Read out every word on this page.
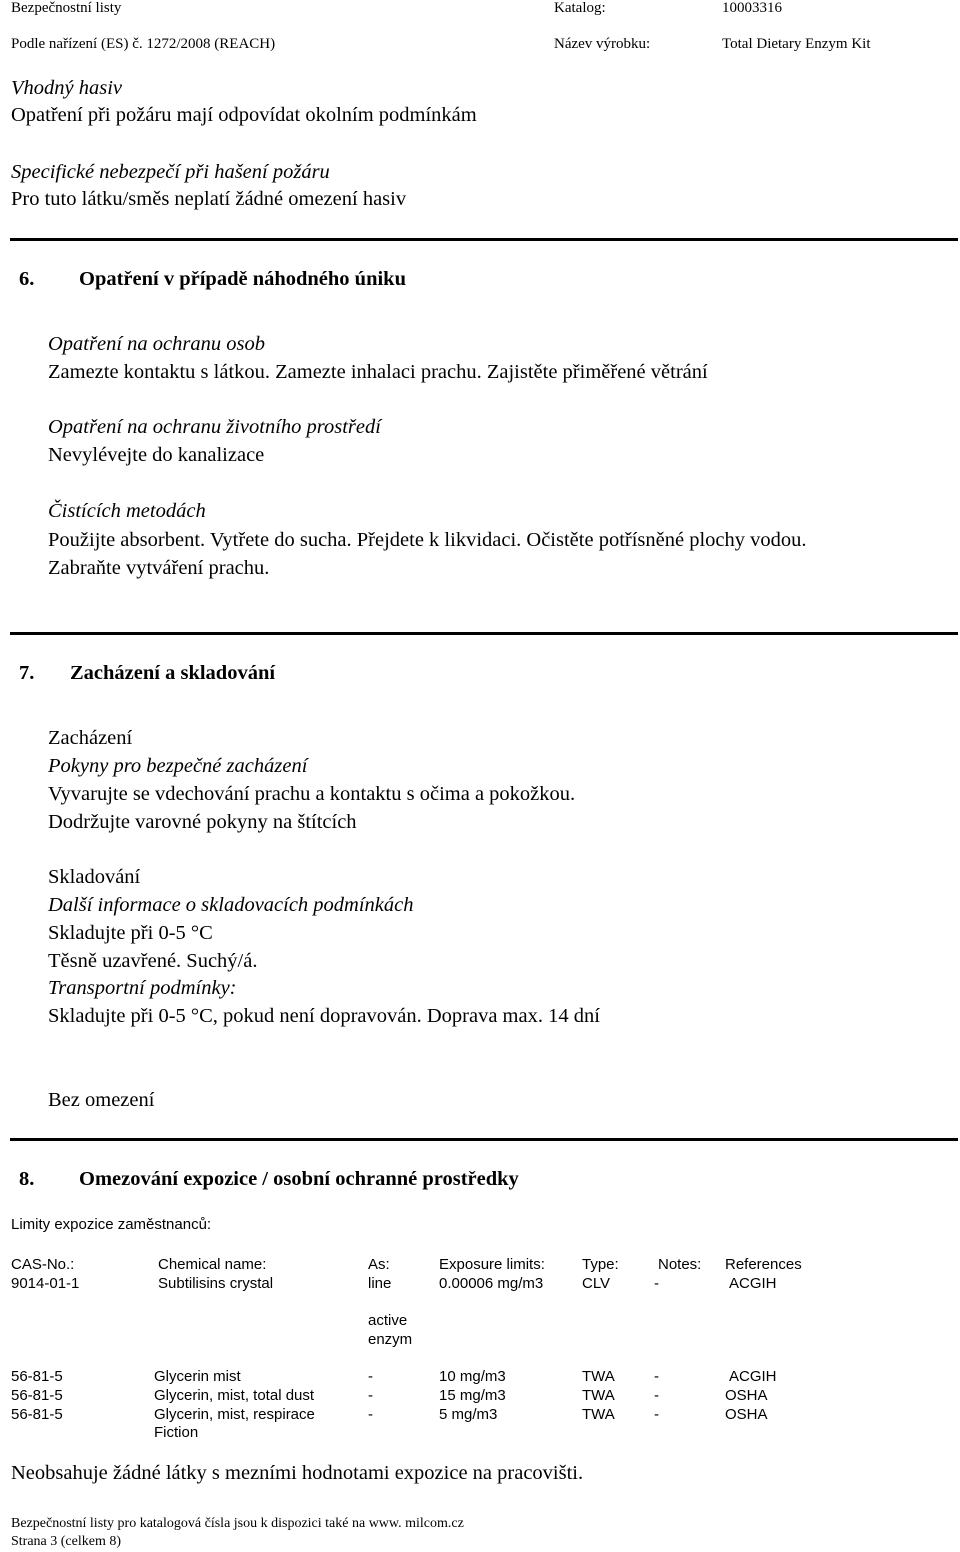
Bezpečnostní listy	Katalog:	10003316
Podle nařízení (ES) č. 1272/2008 (REACH)	Název výrobku:	Total Dietary Enzym Kit
Vhodný hasiv
Opatření při požáru mají odpovídat okolním podmínkám
Specifické nebezpečí při hašení požáru
Pro tuto látku/směs neplatí žádné omezení hasiv
6. Opatření v případě náhodného úniku
Opatření na ochranu osob
Zamezte kontaktu s látkou. Zamezte inhalaci prachu. Zajistěte přiměřené větrání
Opatření na ochranu životního prostředí
Nevylévejte do kanalizace
Čistících metodách
Použijte absorbent. Vytřete do sucha. Přejdete k likvidaci. Očistěte potřísněné plochy vodou.
Zabraňte vytváření prachu.
7. Zacházení a skladování
Zacházení
Pokyny pro bezpečné zacházení
Vyvarujte se vdechování prachu a kontaktu s očima a pokožkou.
Dodržujte varovné pokyny na štítcích
Skladování
Další informace o skladovacích podmínkách
Skladujte při 0-5 °C
Těsně uzavřené. Suchý/á.
Transportní podmínky:
Skladujte při 0-5 °C, pokud není dopravován. Doprava max. 14 dní
Bez omezení
8. Omezování expozice / osobní ochranné prostředky
Limity expozice zaměstnanců:
CAS-No.:	Chemical name:	As:	Exposure limits: Type:	Notes: References
9014-01-1	Subtilisins crystal	line	0.00006 mg/m3	CLV	-	ACGIH
active
enzym
56-81-5	Glycerin mist	-	10 mg/m3	TWA	-	ACGIH
56-81-5	Glycerin, mist, total dust	-	15 mg/m3	TWA	-	OSHA
56-81-5	Glycerin, mist, respirace	-	5 mg/m3	TWA	-	OSHA
Fiction
Neobsahuje žádné látky s mezními hodnotami expozice na pracovišti.
Bezpečnostní listy pro katalogová čísla jsou k dispozici také na www. milcom.cz
Strana 3 (celkem 8)
